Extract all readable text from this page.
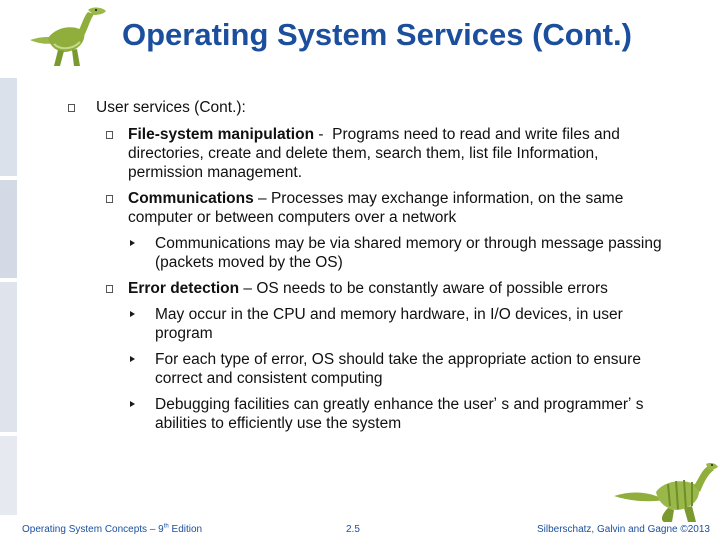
Operating System Services (Cont.)
User services (Cont.):
File-system manipulation -  Programs need to read and write files and directories, create and delete them, search them, list file Information, permission management.
Communications – Processes may exchange information, on the same computer or between computers over a network
Communications may be via shared memory or through message passing (packets moved by the OS)
Error detection – OS needs to be constantly aware of possible errors
May occur in the CPU and memory hardware, in I/O devices, in user program
For each type of error, OS should take the appropriate action to ensure correct and consistent computing
Debugging facilities can greatly enhance the userʼ s and programmerʼ s abilities to efficiently use the system
Operating System Concepts – 9th Edition	2.5	Silberschatz, Galvin and Gagne ©2013
